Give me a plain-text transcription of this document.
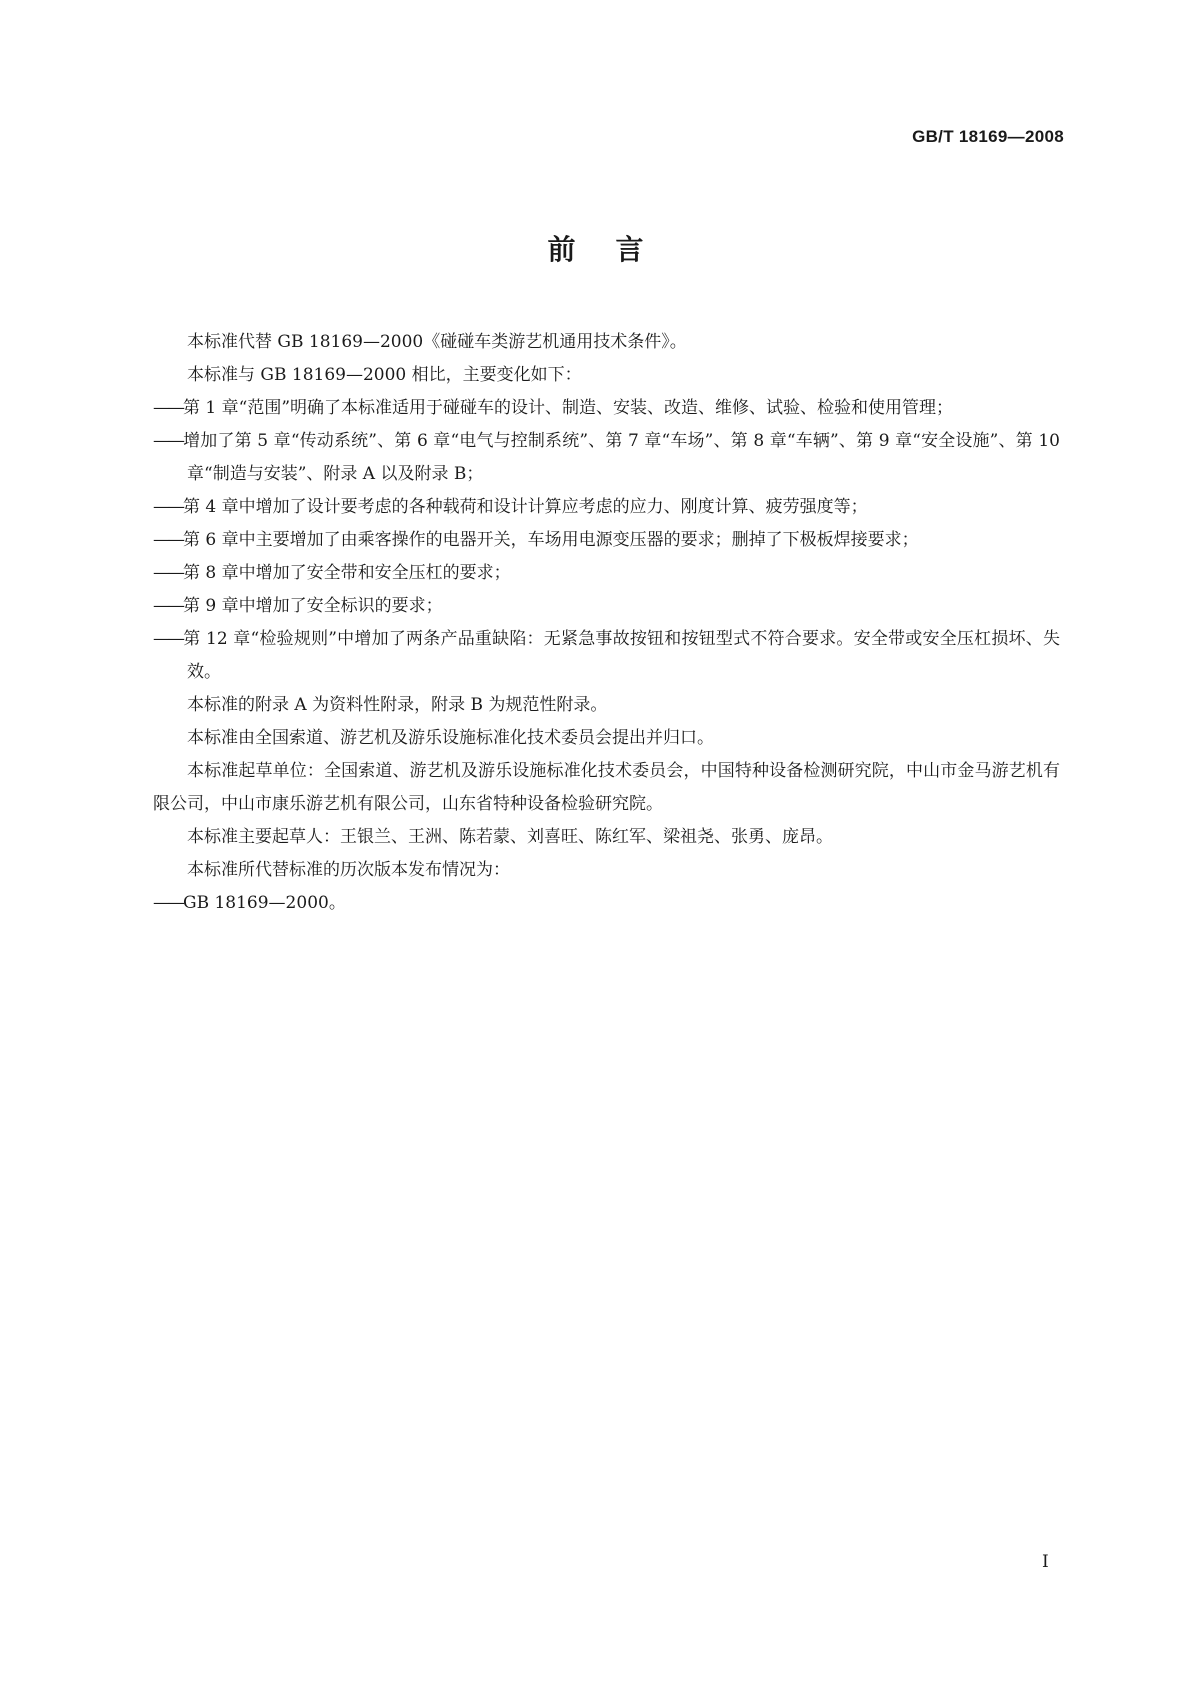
GB/T 18169—2008
前言

本标准代替 GB 18169—2000《碰碰车类游艺机通用技术条件》。

本标准与 GB 18169—2000 相比，主要变化如下：

——第 1 章“范围”明确了本标准适用于碰碰车的设计、制造、安装、改造、维修、试验、检验和使用管理；

——增加了第 5 章“传动系统”、第 6 章“电气与控制系统”、第 7 章“车场”、第 8 章“车辆”、第 9 章“安全设施”、第 10 章“制造与安装”、附录 A 以及附录 B；

——第 4 章中增加了设计要考虑的各种载荷和设计计算应考虑的应力、刚度计算、疲劳强度等；

——第 6 章中主要增加了由乘客操作的电器开关，车场用电源变压器的要求；删掉了下极板焊接要求；

——第 8 章中增加了安全带和安全压杠的要求；

——第 9 章中增加了安全标识的要求；

——第 12 章“检验规则”中增加了两条产品重缺陷：无紧急事故按钮和按钮型式不符合要求。安全带或安全压杠损坏、失效。

本标准的附录 A 为资料性附录，附录 B 为规范性附录。

本标准由全国索道、游艺机及游乐设施标准化技术委员会提出并归口。

本标准起草单位：全国索道、游艺机及游乐设施标准化技术委员会，中国特种设备检测研究院，中山市金马游艺机有限公司，中山市康乐游艺机有限公司，山东省特种设备检验研究院。

本标准主要起草人：王银兰、王洲、陈若蒙、刘喜旺、陈红军、梁祖尧、张勇、庞昂。

本标准所代替标准的历次版本发布情况为：

——GB 18169—2000。

I
